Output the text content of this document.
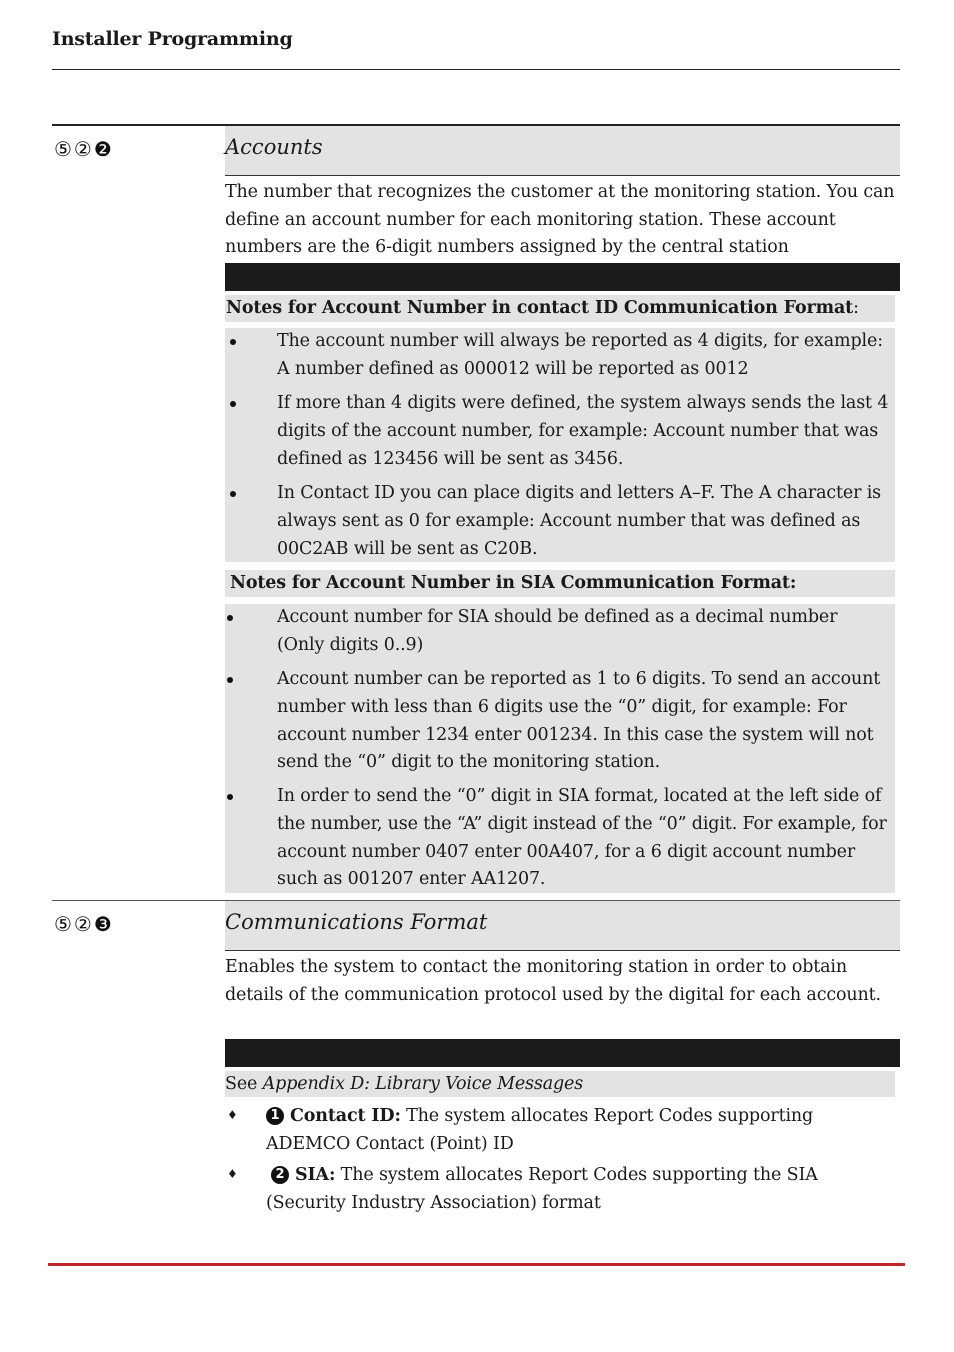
Installer Programming
⑤②❷	Accounts
The number that recognizes the customer at the monitoring station. You can define an account number for each monitoring station. These account numbers are the 6-digit numbers assigned by the central station
Notes for Account Number in contact ID Communication Format:
The account number will always be reported as 4 digits, for example: A number defined as 000012 will be reported as 0012
If more than 4 digits were defined, the system always sends the last 4 digits of the account number, for example: Account number that was defined as 123456 will be sent as 3456.
In Contact ID you can place digits and letters A–F. The A character is always sent as 0 for example: Account number that was defined as 00C2AB will be sent as C20B.
Notes for Account Number in SIA Communication Format:
Account number for SIA should be defined as a decimal number (Only digits 0..9)
Account number can be reported as 1 to 6 digits. To send an account number with less than 6 digits use the “0” digit, for example: For account number 1234 enter 001234. In this case the system will not send the “0” digit to the monitoring station.
In order to send the “0” digit in SIA format, located at the left side of the number, use the “A” digit instead of the “0” digit. For example, for account number 0407 enter 00A407, for a 6 digit account number such as 001207 enter AA1207.
⑤②❸	Communications Format
Enables the system to contact the monitoring station in order to obtain details of the communication protocol used by the digital for each account.
See Appendix D: Library Voice Messages
♦	1 Contact ID: The system allocates Report Codes supporting ADEMCO Contact (Point) ID
♦	2 SIA: The system allocates Report Codes supporting the SIA (Security Industry Association) format
